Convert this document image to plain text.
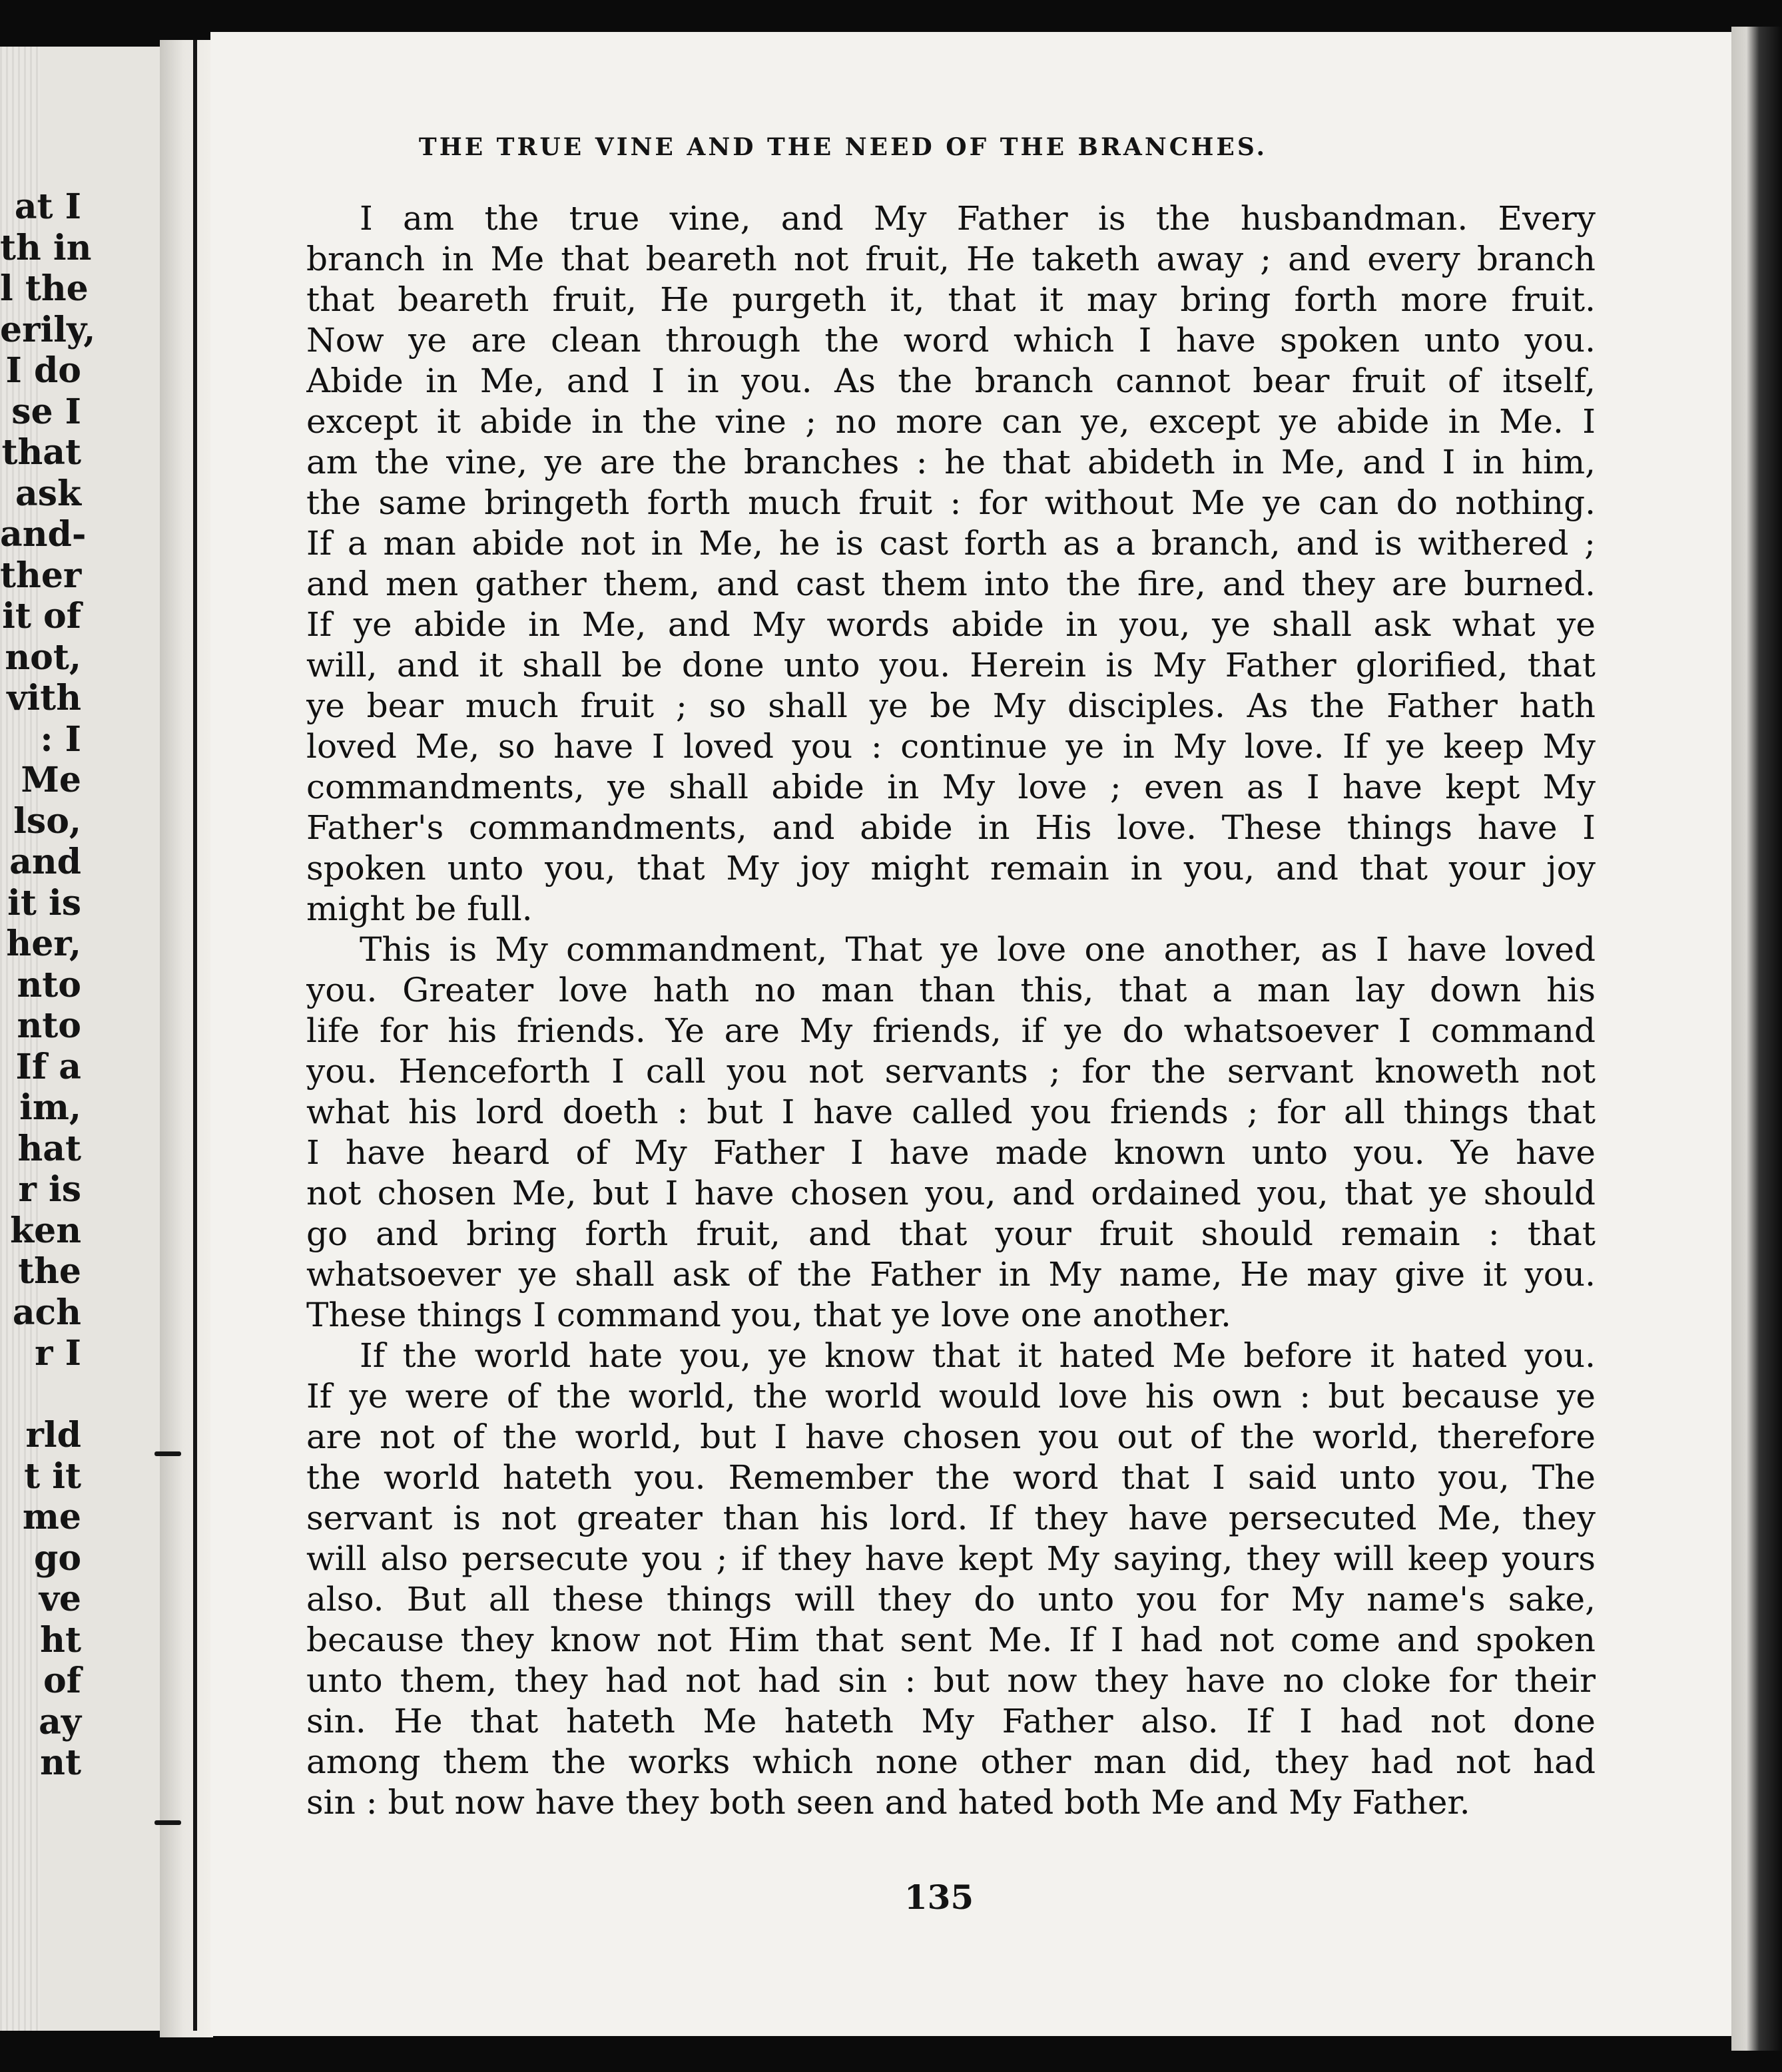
at I
th in
l the
erily,
I do
se I
that
ask
and-
ther
it of
not,
vith
: I
Me
lso,
and
it is
her,
nto
nto
If a
im,
hat
r is
ken
the
ach
r I
rld
t it
me
go
ve
ht
of
ay
nt
THE TRUE VINE AND THE NEED OF THE BRANCHES.
I am the true vine, and My Father is the husbandman. Every
branch in Me that beareth not fruit, He taketh away ; and every branch
that beareth fruit, He purgeth it, that it may bring forth more fruit.
Now ye are clean through the word which I have spoken unto you.
Abide in Me, and I in you. As the branch cannot bear fruit of itself,
except it abide in the vine ; no more can ye, except ye abide in Me. I
am the vine, ye are the branches : he that abideth in Me, and I in him,
the same bringeth forth much fruit : for without Me ye can do nothing.
If a man abide not in Me, he is cast forth as a branch, and is withered ;
and men gather them, and cast them into the fire, and they are burned.
If ye abide in Me, and My words abide in you, ye shall ask what ye
will, and it shall be done unto you. Herein is My Father glorified, that
ye bear much fruit ; so shall ye be My disciples. As the Father hath
loved Me, so have I loved you : continue ye in My love. If ye keep My
commandments, ye shall abide in My love ; even as I have kept My
Father's commandments, and abide in His love. These things have I
spoken unto you, that My joy might remain in you, and that your joy
might be full.
This is My commandment, That ye love one another, as I have loved
you. Greater love hath no man than this, that a man lay down his
life for his friends. Ye are My friends, if ye do whatsoever I command
you. Henceforth I call you not servants ; for the servant knoweth not
what his lord doeth : but I have called you friends ; for all things that
I have heard of My Father I have made known unto you. Ye have
not chosen Me, but I have chosen you, and ordained you, that ye should
go and bring forth fruit, and that your fruit should remain : that
whatsoever ye shall ask of the Father in My name, He may give it you.
These things I command you, that ye love one another.
If the world hate you, ye know that it hated Me before it hated you.
If ye were of the world, the world would love his own : but because ye
are not of the world, but I have chosen you out of the world, therefore
the world hateth you. Remember the word that I said unto you, The
servant is not greater than his lord. If they have persecuted Me, they
will also persecute you ; if they have kept My saying, they will keep yours
also. But all these things will they do unto you for My name's sake,
because they know not Him that sent Me. If I had not come and spoken
unto them, they had not had sin : but now they have no cloke for their
sin. He that hateth Me hateth My Father also. If I had not done
among them the works which none other man did, they had not had
sin : but now have they both seen and hated both Me and My Father.
135
